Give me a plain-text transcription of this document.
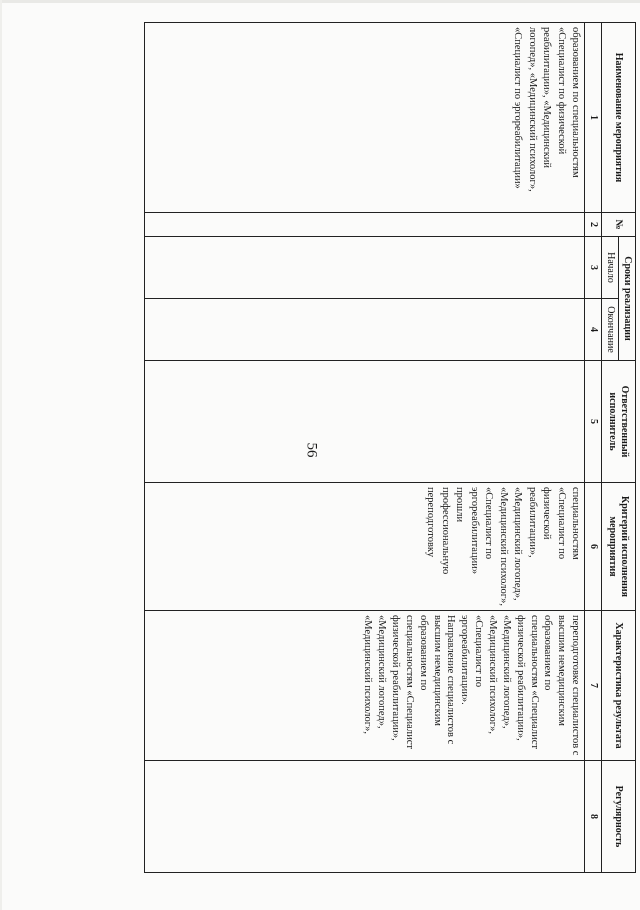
56
Наименование мероприятия	№	Сроки реализации		Ответственный исполнитель	Критерий исполнения мероприятия	Характеристика результата	Регулярность
		Начало	Окончание				
1	2	3	4	5	6	7	8

образованием по специальностям «Специалист по физической реабилитации», «Медицинский логопед», «Медицинский психолог», «Специалист по эргореабилитации»					специальностям «Специалист по физической реабилитации», «Медицинский логопед», «Медицинский психолог», «Специалист по эргореабилитации» прошли профессиональную переподготовку	переподготовке специалистов с высшим немедицинским образованием по специальностям «Специалист физической реабилитации», «Медицинский логопед», «Медицинский психолог», «Специалист по эргореабилитации». Направление специалистов с высшим немедицинским образованием по специальностям «Специалист физической реабилитации», «Медицинский логопед», «Медицинский психолог»,	
